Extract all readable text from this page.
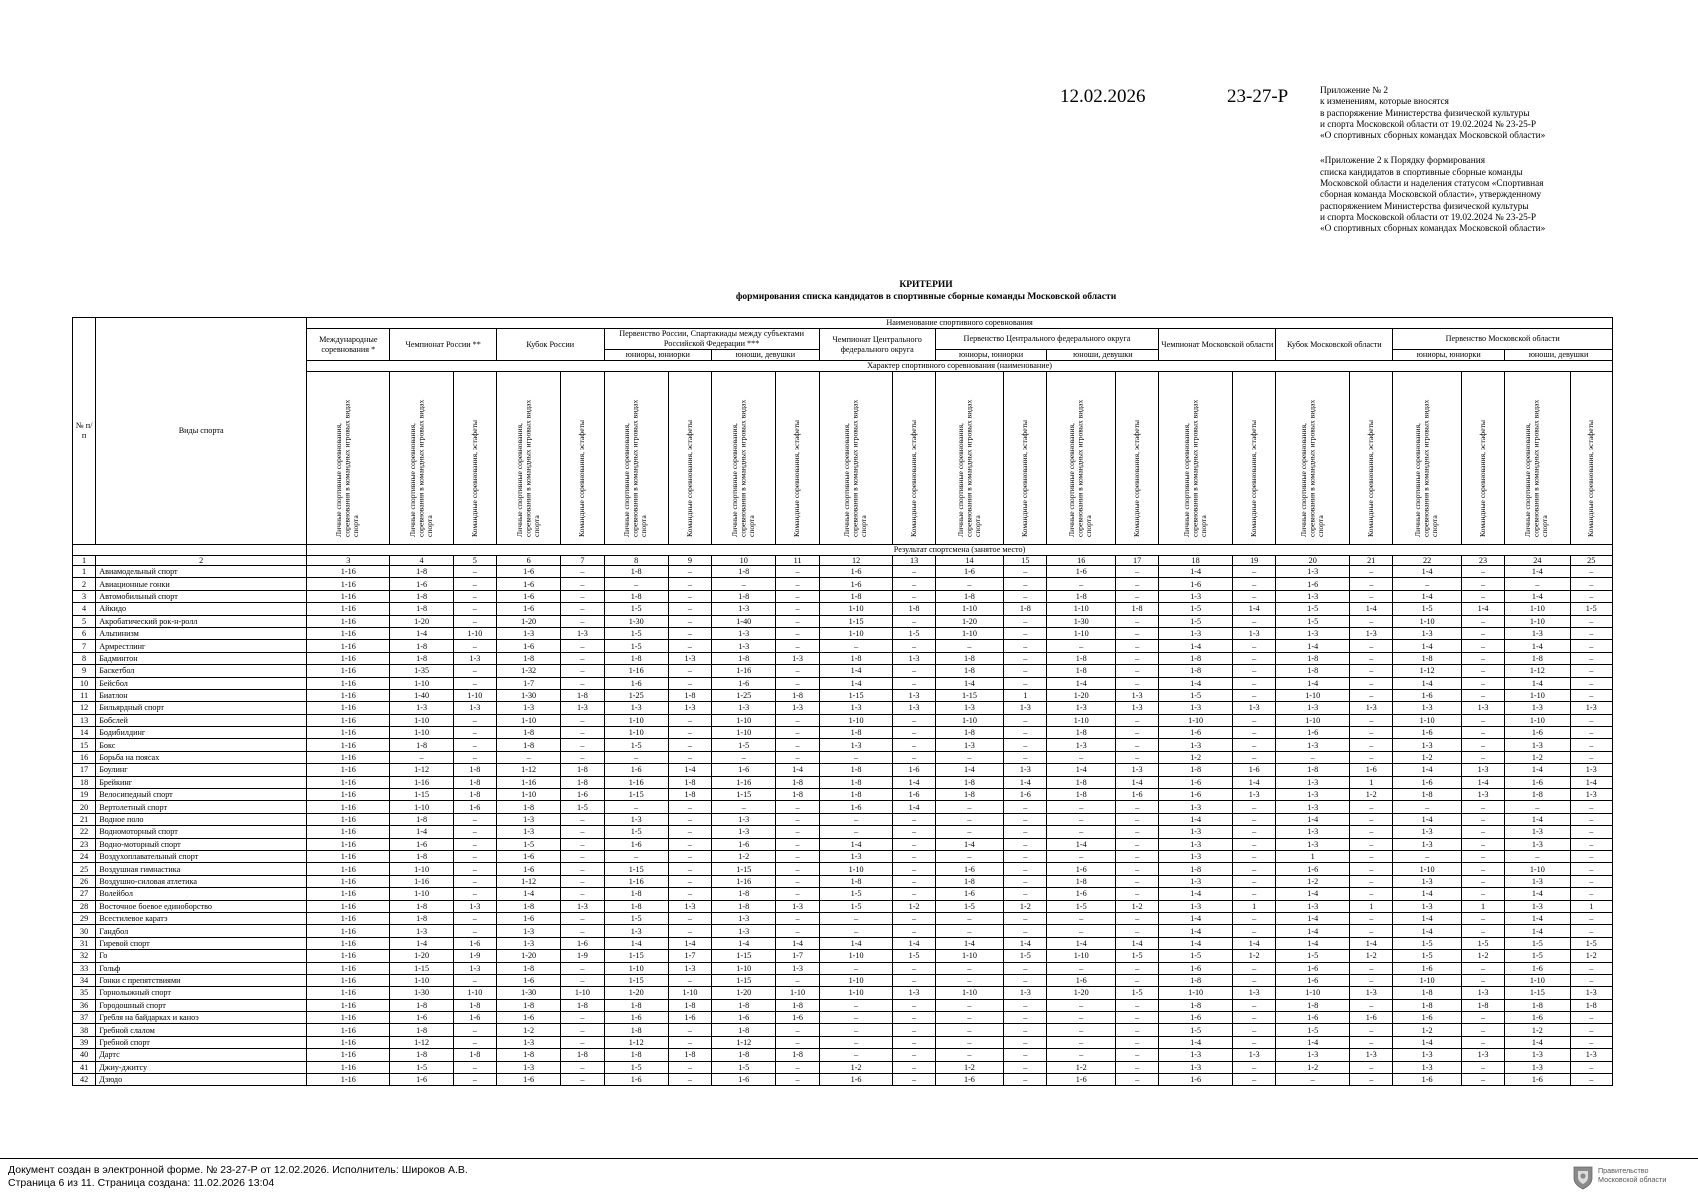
12.02.2026	23-27-Р	Приложение № 2
к изменениям, которые вносятся
в распоряжение Министерства физической культуры
и спорта Московской области от 19.02.2024 № 23-25-Р
«О спортивных сборных командах Московской области»
«Приложение 2 к Порядку формирования
списка кандидатов в спортивные сборные команды
Московской области и наделения статусом «Спортивная
сборная команда Московской области», утвержденному
распоряжением Министерства физической культуры
и спорта Московской области от 19.02.2024 № 23-25-Р
«О спортивных сборных командах Московской области»
КРИТЕРИИ
формирования списка кандидатов в спортивные сборные команды Московской области
№ п/п	Виды спорта	Наименование спортивного соревнования																						
		Международные соревнования *	Чемпионат России **		Кубок России		Первенство России, Спартакиады между субъектами Российской Федерации ***				Чемпионат Центрального федерального округа		Первенство Центрального федерального округа				Чемпионат Московской области		Кубок Московской области		Первенство Московской области			
							юниоры, юниорки		юноши, девушки				юниоры, юниорки		юноши, девушки						юниоры, юниорки		юноши, девушки	
		Характер спортивного соревнования (наименование)																						
		Личные спортивные соревнования, соревнования в командных игровых видах спорта	Личные спортивные соревнования, соревнования в командных игровых видах спорта	Командные соревнования, эстафеты	Личные спортивные соревнования, соревнования в командных игровых видах спорта	Командные соревнования, эстафеты	Личные спортивные соревнования, соревнования в командных игровых видах спорта	Командные соревнования, эстафеты	Личные спортивные соревнования, соревнования в командных игровых видах спорта	Командные соревнования, эстафеты	Личные спортивные соревнования, соревнования в командных игровых видах спорта	Командные соревнования, эстафеты	Личные спортивные соревнования, соревнования в командных игровых видах спорта	Командные соревнования, эстафеты	Личные спортивные соревнования, соревнования в командных игровых видах спорта	Командные соревнования, эстафеты	Личные спортивные соревнования, соревнования в командных игровых видах спорта	Командные соревнования, эстафеты	Личные спортивные соревнования, соревнования в командных игровых видах спорта	Командные соревнования, эстафеты	Личные спортивные соревнования, соревнования в командных игровых видах спорта	Командные соревнования, эстафеты	Личные спортивные соревнования, соревнования в командных игровых видах спорта	Командные соревнования, эстафеты
		Результат спортсмена (занятое место)																						
1	2	3	4	5	6	7	8	9	10	11	12	13	14	15	16	17	18	19	20	21	22	23	24	25
1	Авиамодельный спорт	1-16	1-8	–	1-6	–	1-8	–	1-8	–	1-6	–	1-6	–	1-6	–	1-4	–	1-3	–	1-4	–	1-4	–
2	Авиационные гонки	1-16	1-6	–	1-6	–	–	–	–	–	1-6	–	–	–	–	–	1-6	–	1-6	–	–	–	–	–
3	Автомобильный спорт	1-16	1-8	–	1-6	–	1-8	–	1-8	–	1-8	–	1-8	–	1-8	–	1-3	–	1-3	–	1-4	–	1-4	–
4	Айкидо	1-16	1-8	–	1-6	–	1-5	–	1-3	–	1-10	1-8	1-10	1-8	1-10	1-8	1-5	1-4	1-5	1-4	1-5	1-4	1-10	1-5
5	Акробатический рок-н-ролл	1-16	1-20	–	1-20	–	1-30	–	1-40	–	1-15	–	1-20	–	1-30	–	1-5	–	1-5	–	1-10	–	1-10	–
6	Альпинизм	1-16	1-4	1-10	1-3	1-3	1-5	–	1-3	–	1-10	1-5	1-10	–	1-10	–	1-3	1-3	1-3	1-3	1-3	–	1-3	–
7	Армрестлинг	1-16	1-8	–	1-6	–	1-5	–	1-3	–	–	–	–	–	–	–	1-4	–	1-4	–	1-4	–	1-4	–
8	Бадминтон	1-16	1-8	1-3	1-8	–	1-8	1-3	1-8	1-3	1-8	1-3	1-8	–	1-8	–	1-8	–	1-8	–	1-8	–	1-8	–
9	Баскетбол	1-16	1-35	–	1-32	–	1-16	–	1-16	–	1-4	–	1-8	–	1-8	–	1-8	–	1-8	–	1-12	–	1-12	–
10	Бейсбол	1-16	1-10	–	1-7	–	1-6	–	1-6	–	1-4	–	1-4	–	1-4	–	1-4	–	1-4	–	1-4	–	1-4	–
11	Биатлон	1-16	1-40	1-10	1-30	1-8	1-25	1-8	1-25	1-8	1-15	1-3	1-15	1	1-20	1-3	1-5	–	1-10	–	1-6	–	1-10	–
12	Бильярдный спорт	1-16	1-3	1-3	1-3	1-3	1-3	1-3	1-3	1-3	1-3	1-3	1-3	1-3	1-3	1-3	1-3	1-3	1-3	1-3	1-3	1-3	1-3	1-3
13	Бобслей	1-16	1-10	–	1-10	–	1-10	–	1-10	–	1-10	–	1-10	–	1-10	–	1-10	–	1-10	–	1-10	–	1-10	–
14	Бодибилдинг	1-16	1-10	–	1-8	–	1-10	–	1-10	–	1-8	–	1-8	–	1-8	–	1-6	–	1-6	–	1-6	–	1-6	–
15	Бокс	1-16	1-8	–	1-8	–	1-5	–	1-5	–	1-3	–	1-3	–	1-3	–	1-3	–	1-3	–	1-3	–	1-3	–
16	Борьба на поясах	1-16	–	–	–	–	–	–	–	–	–	–	–	–	–	–	1-2	–	–	–	1-2	–	1-2	–
17	Боулинг	1-16	1-12	1-8	1-12	1-8	1-6	1-4	1-6	1-4	1-8	1-6	1-4	1-3	1-4	1-3	1-8	1-6	1-8	1-6	1-4	1-3	1-4	1-3
18	Брейкинг	1-16	1-16	1-8	1-16	1-8	1-16	1-8	1-16	1-8	1-8	1-4	1-8	1-4	1-8	1-4	1-6	1-4	1-3	1	1-6	1-4	1-6	1-4
19	Велосипедный спорт	1-16	1-15	1-8	1-10	1-6	1-15	1-8	1-15	1-8	1-8	1-6	1-8	1-6	1-8	1-6	1-6	1-3	1-3	1-2	1-8	1-3	1-8	1-3
20	Вертолетный спорт	1-16	1-10	1-6	1-8	1-5	–	–	–	–	1-6	1-4	–	–	–	–	1-3	–	1-3	–	–	–	–	–
21	Водное поло	1-16	1-8	–	1-3	–	1-3	–	1-3	–	–	–	–	–	–	–	1-4	–	1-4	–	1-4	–	1-4	–
22	Водномоторный спорт	1-16	1-4	–	1-3	–	1-5	–	1-3	–	–	–	–	–	–	–	1-3	–	1-3	–	1-3	–	1-3	–
23	Водно-моторный спорт	1-16	1-6	–	1-5	–	1-6	–	1-6	–	1-4	–	1-4	–	1-4	–	1-3	–	1-3	–	1-3	–	1-3	–
24	Воздухоплавательный спорт	1-16	1-8	–	1-6	–	–	–	1-2	–	1-3	–	–	–	–	–	1-3	–	1	–	–	–	–	–
25	Воздушная гимнастика	1-16	1-10	–	1-6	–	1-15	–	1-15	–	1-10	–	1-6	–	1-6	–	1-8	–	1-6	–	1-10	–	1-10	–
26	Воздушно-силовая атлетика	1-16	1-16	–	1-12	–	1-16	–	1-16	–	1-8	–	1-8	–	1-8	–	1-3	–	1-2	–	1-3	–	1-3	–
27	Волейбол	1-16	1-10	–	1-4	–	1-8	–	1-8	–	1-5	–	1-6	–	1-6	–	1-4	–	1-4	–	1-4	–	1-4	–
28	Восточное боевое единоборство	1-16	1-8	1-3	1-8	1-3	1-8	1-3	1-8	1-3	1-5	1-2	1-5	1-2	1-5	1-2	1-3	1	1-3	1	1-3	1	1-3	1
29	Всестилевое каратэ	1-16	1-8	–	1-6	–	1-5	–	1-3	–	–	–	–	–	–	–	1-4	–	1-4	–	1-4	–	1-4	–
30	Гандбол	1-16	1-3	–	1-3	–	1-3	–	1-3	–	–	–	–	–	–	–	1-4	–	1-4	–	1-4	–	1-4	–
31	Гиревой спорт	1-16	1-4	1-6	1-3	1-6	1-4	1-4	1-4	1-4	1-4	1-4	1-4	1-4	1-4	1-4	1-4	1-4	1-4	1-4	1-5	1-5	1-5	1-5
32	Го	1-16	1-20	1-9	1-20	1-9	1-15	1-7	1-15	1-7	1-10	1-5	1-10	1-5	1-10	1-5	1-5	1-2	1-5	1-2	1-5	1-2	1-5	1-2
33	Гольф	1-16	1-15	1-3	1-8	–	1-10	1-3	1-10	1-3	–	–	–	–	–	–	1-6	–	1-6	–	1-6	–	1-6	–
34	Гонки с препятствиями	1-16	1-10	–	1-6	–	1-15	–	1-15	–	1-10	–	–	–	1-6	–	1-8	–	1-6	–	1-10	–	1-10	–
35	Горнолыжный спорт	1-16	1-30	1-10	1-30	1-10	1-20	1-10	1-20	1-10	1-10	1-3	1-10	1-3	1-20	1-5	1-10	1-3	1-10	1-3	1-8	1-3	1-15	1-3
36	Городошный спорт	1-16	1-8	1-8	1-8	1-8	1-8	1-8	1-8	1-8	–	–	–	–	–	–	1-8	–	1-8	–	1-8	1-8	1-8	1-8
37	Гребля на байдарках и каноэ	1-16	1-6	1-6	1-6	–	1-6	1-6	1-6	1-6	–	–	–	–	–	–	1-6	–	1-6	1-6	1-6	–	1-6	–
38	Гребной слалом	1-16	1-8	–	1-2	–	1-8	–	1-8	–	–	–	–	–	–	–	1-5	–	1-5	–	1-2	–	1-2	–
39	Гребной спорт	1-16	1-12	–	1-3	–	1-12	–	1-12	–	–	–	–	–	–	–	1-4	–	1-4	–	1-4	–	1-4	–
40	Дартс	1-16	1-8	1-8	1-8	1-8	1-8	1-8	1-8	1-8	–	–	–	–	–	–	1-3	1-3	1-3	1-3	1-3	1-3	1-3	1-3
41	Джиу-джитсу	1-16	1-5	–	1-3	–	1-5	–	1-5	–	1-2	–	1-2	–	1-2	–	1-3	–	1-2	–	1-3	–	1-3	–
42	Дзюдо	1-16	1-6	–	1-6	–	1-6	–	1-6	–	1-6	–	1-6	–	1-6	–	1-6	–	–	–	1-6	–	1-6	–
Документ создан в электронной форме. № 23-27-Р от 12.02.2026. Исполнитель: Широков А.В.
Страница 6 из 11. Страница создана: 11.02.2026 13:04
Правительство
Московской области
